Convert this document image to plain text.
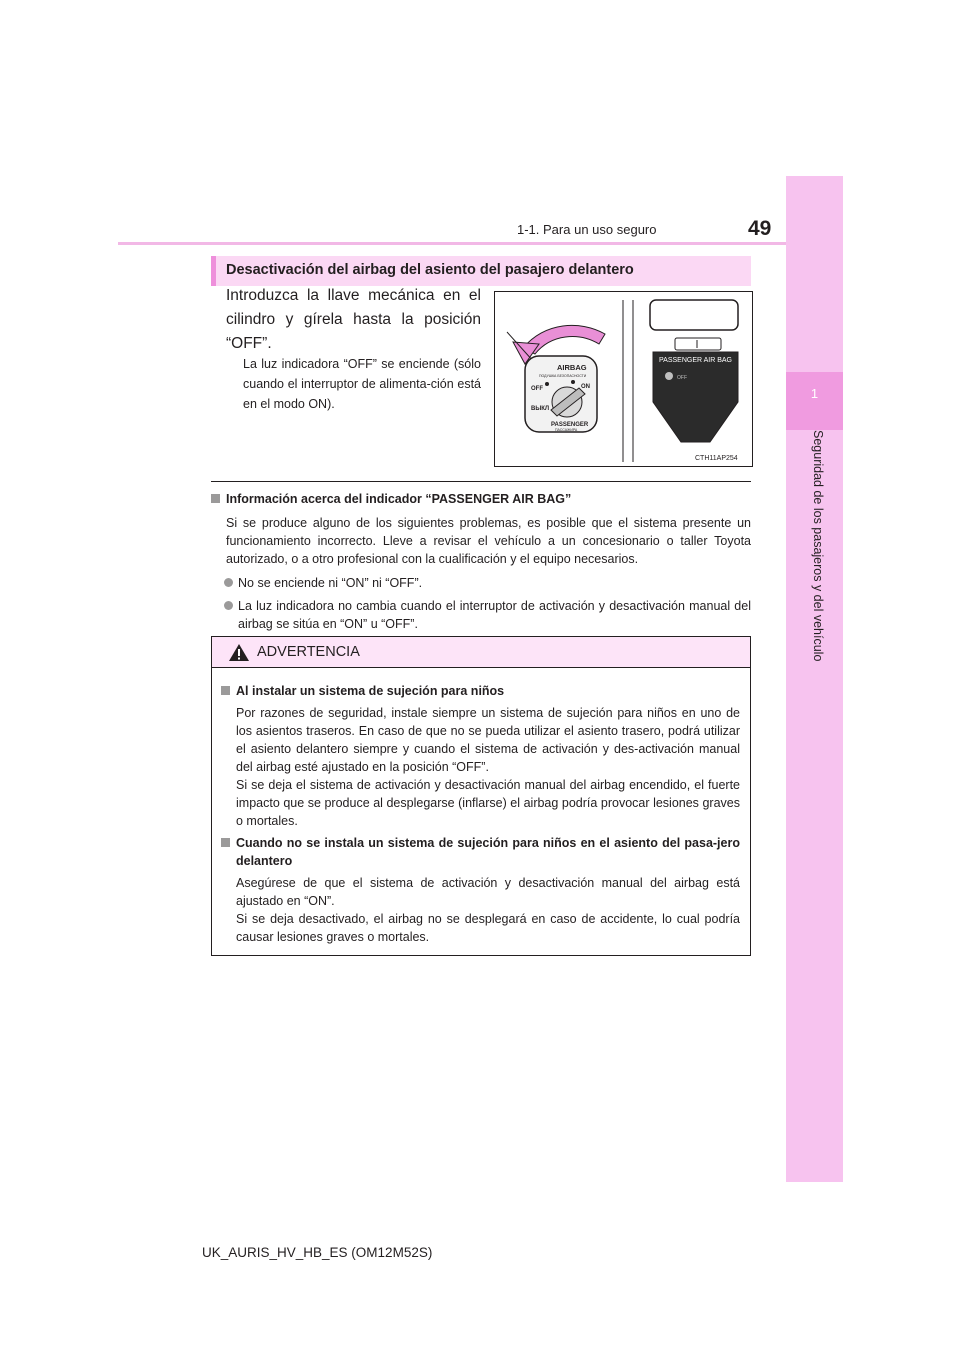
1
Seguridad de los pasajeros y del vehículo
1-1. Para un uso seguro	49
Desactivación del airbag del asiento del pasajero delantero

Introduzca la llave mecánica en el cilindro y gírela hasta la posición “OFF”.

La luz indicadora “OFF” se enciende (sólo cuando el interruptor de alimenta-ción está en el modo ON).

AIRBAG
ПОДУШКА БЕЗОПАСНОСТИ
OFF	ON
ВЫКЛ
PASSENGER
ПАССАЖИРА
PASSENGER AIR BAG
OFF
CTH11AP254

Información acerca del indicador “PASSENGER AIR BAG”

Si se produce alguno de los siguientes problemas, es posible que el sistema presente un funcionamiento incorrecto. Lleve a revisar el vehículo a un concesionario o taller Toyota autorizado, o a otro profesional con la cualificación y el equipo necesarios.

No se enciende ni “ON” ni “OFF”.
La luz indicadora no cambia cuando el interruptor de activación y desactivación manual del airbag se sitúa en “ON” u “OFF”.
ADVERTENCIA

Al instalar un sistema de sujeción para niños

Por razones de seguridad, instale siempre un sistema de sujeción para niños en uno de los asientos traseros. En caso de que no se pueda utilizar el asiento trasero, podrá utilizar el asiento delantero siempre y cuando el sistema de activación y des-activación manual del airbag esté ajustado en la posición “OFF”.

Si se deja el sistema de activación y desactivación manual del airbag encendido, el fuerte impacto que se produce al desplegarse (inflarse) el airbag podría provocar lesiones graves o mortales.

Cuando no se instala un sistema de sujeción para niños en el asiento del pasa-jero delantero

Asegúrese de que el sistema de activación y desactivación manual del airbag está ajustado en “ON”.

Si se deja desactivado, el airbag no se desplegará en caso de accidente, lo cual podría causar lesiones graves o mortales.

UK_AURIS_HV_HB_ES (OM12M52S)
